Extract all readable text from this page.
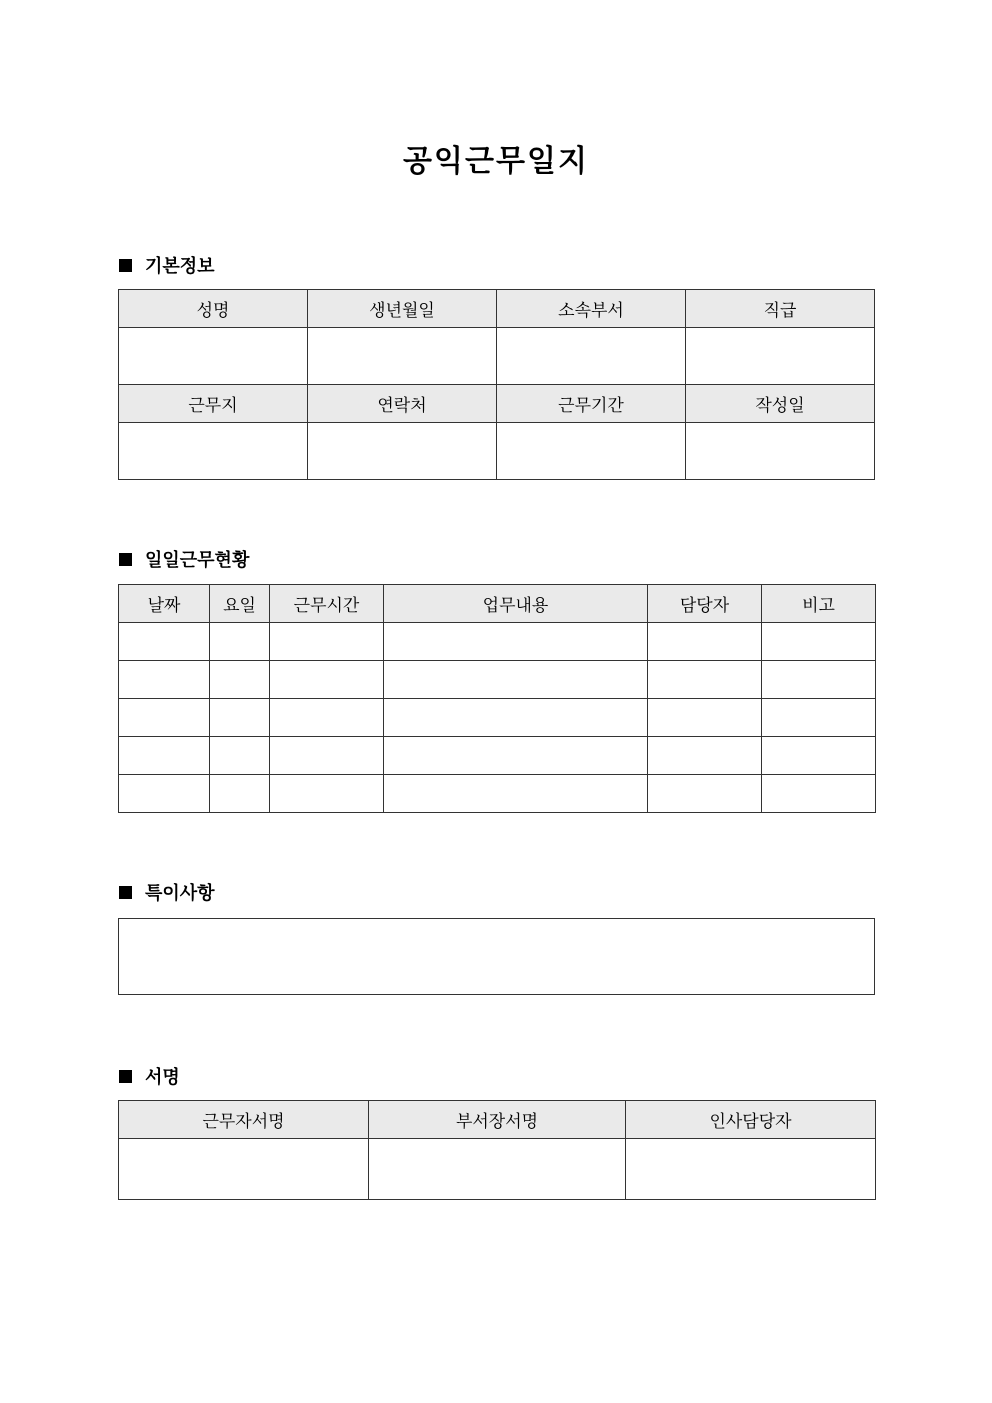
공익근무일지
기본정보
성명	생년월일	소속부서	직급

근무지	연락처	근무기간	작성일

일일근무현황
날짜	요일	근무시간	업무내용	담당자	비고

특이사항
서명
근무자서명	부서장서명	인사담당자
